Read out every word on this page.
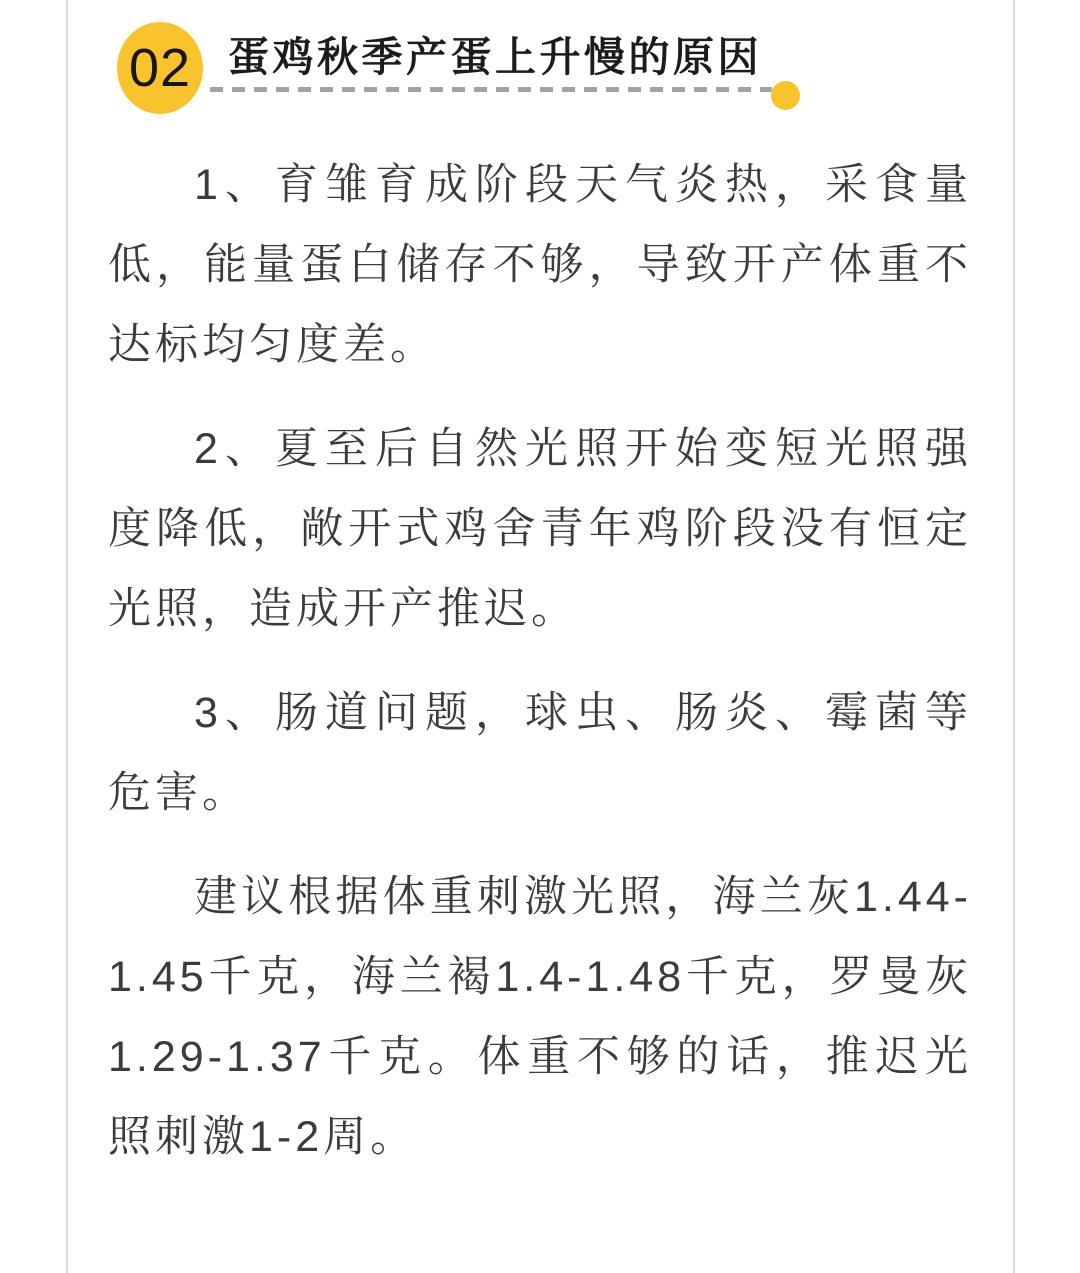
02 蛋鸡秋季产蛋上升慢的原因

1、育雏育成阶段天气炎热，采食量低，能量蛋白储存不够，导致开产体重不达标均匀度差。

2、夏至后自然光照开始变短光照强度降低，敞开式鸡舍青年鸡阶段没有恒定光照，造成开产推迟。

3、肠道问题，球虫、肠炎、霉菌等危害。

建议根据体重刺激光照，海兰灰1.44-1.45千克，海兰褐1.4-1.48千克，罗曼灰1.29-1.37千克。体重不够的话，推迟光照刺激1-2周。
